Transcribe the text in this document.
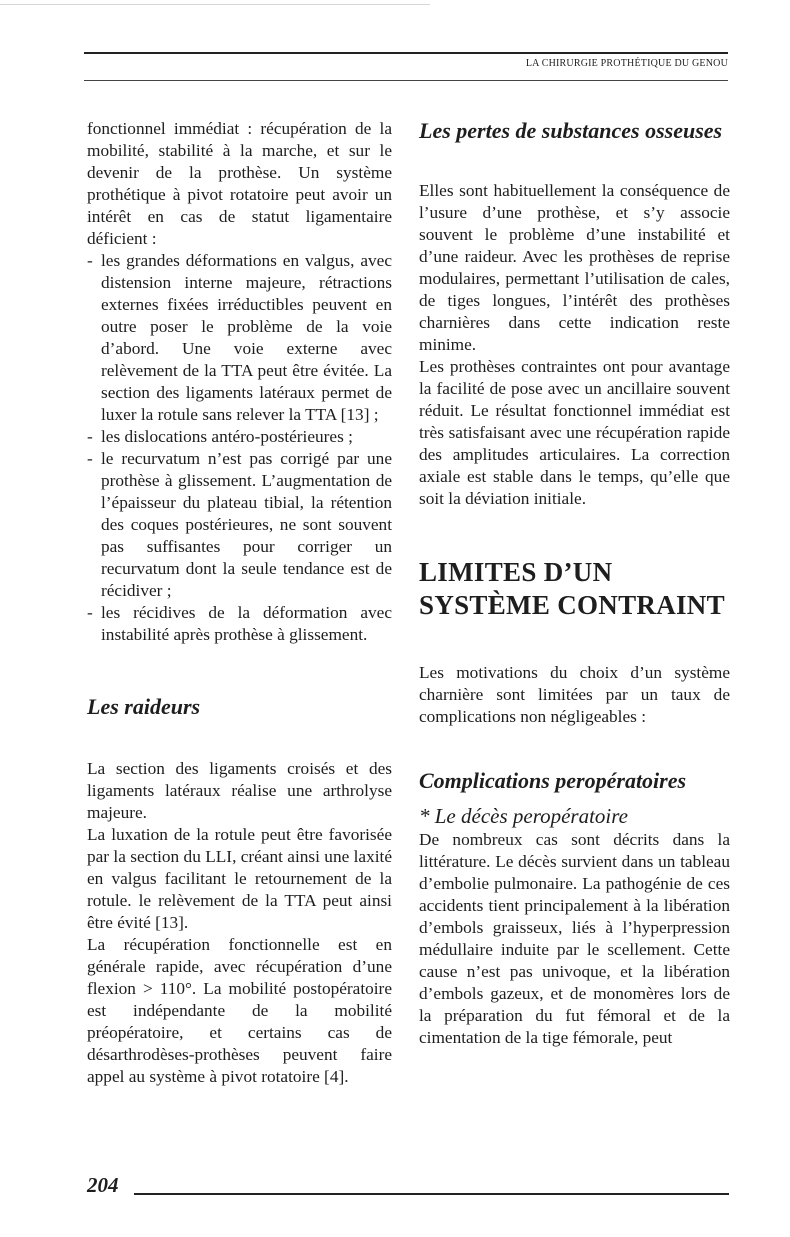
LA CHIRURGIE PROTHÉTIQUE DU GENOU

fonctionnel immédiat : récupération de la mobilité, stabilité à la marche, et sur le devenir de la prothèse. Un système prothétique à pivot rotatoire peut avoir un intérêt en cas de statut ligamentaire déficient :

- les grandes déformations en valgus, avec distension interne majeure, rétractions externes fixées irréductibles peuvent en outre poser le problème de la voie d’abord. Une voie externe avec relèvement de la TTA peut être évitée. La section des ligaments latéraux permet de luxer la rotule sans relever la TTA [13] ;
- les dislocations antéro-postérieures ;
- le recurvatum n’est pas corrigé par une prothèse à glissement. L’augmentation de l’épaisseur du plateau tibial, la rétention des coques postérieures, ne sont souvent pas suffisantes pour corriger un recurvatum dont la seule tendance est de récidiver ;
- les récidives de la déformation avec instabilité après prothèse à glissement.
Les raideurs

La section des ligaments croisés et des ligaments latéraux réalise une arthrolyse majeure.

La luxation de la rotule peut être favorisée par la section du LLI, créant ainsi une laxité en valgus facilitant le retournement de la rotule. le relèvement de la TTA peut ainsi être évité [13].

La récupération fonctionnelle est en générale rapide, avec récupération d’une flexion > 110°. La mobilité postopératoire est indépendante de la mobilité préopératoire, et certains cas de désarthrodèses-prothèses peuvent faire appel au système à pivot rotatoire [4].

Les pertes de substances osseuses

Elles sont habituellement la conséquence de l’usure d’une prothèse, et s’y associe souvent le problème d’une instabilité et d’une raideur. Avec les prothèses de reprise modulaires, permettant l’utilisation de cales, de tiges longues, l’intérêt des prothèses charnières dans cette indication reste minime.

Les prothèses contraintes ont pour avantage la facilité de pose avec un ancillaire souvent réduit. Le résultat fonctionnel immédiat est très satisfaisant avec une récupération rapide des amplitudes articulaires. La correction axiale est stable dans le temps, qu’elle que soit la déviation initiale.

LIMITES D’UN
SYSTÈME CONTRAINT

Les motivations du choix d’un système charnière sont limitées par un taux de complications non négligeables :

Complications peropératoires
* Le décès peropératoire

De nombreux cas sont décrits dans la littérature. Le décès survient dans un tableau d’embolie pulmonaire. La pathogénie de ces accidents tient principalement à la libération d’embols graisseux, liés à l’hyperpression médullaire induite par le scellement. Cette cause n’est pas univoque, et la libération d’embols gazeux, et de monomères lors de la préparation du fut fémoral et de la cimentation de la tige fémorale, peut

204
